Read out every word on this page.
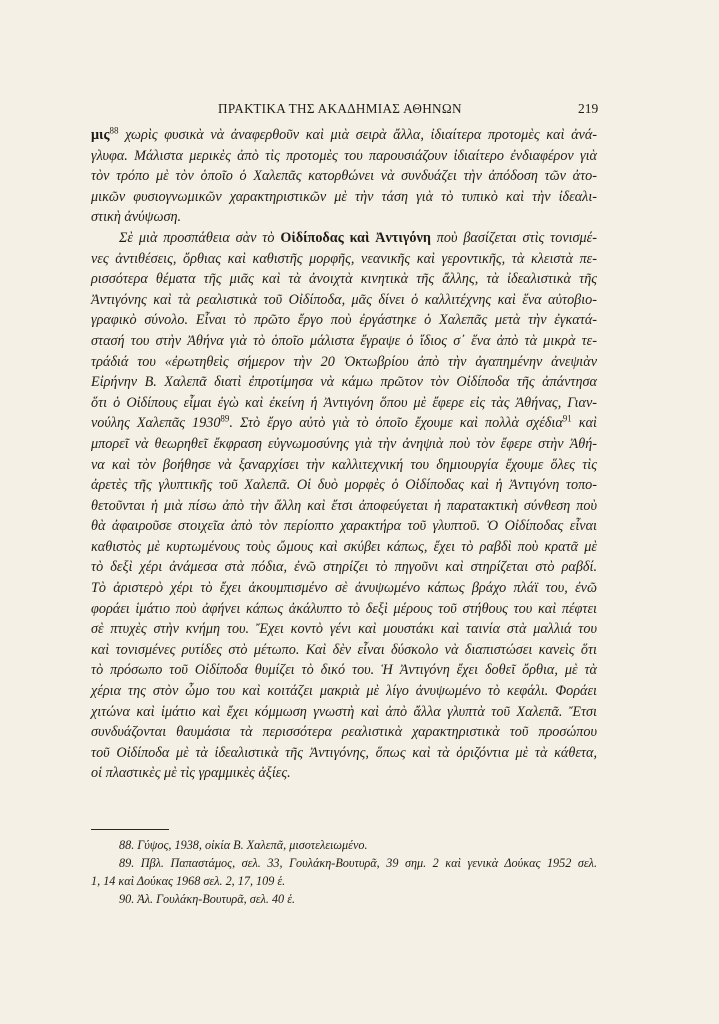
ΠΡΑΚΤΙΚΑ ΤΗΣ ΑΚΑΔΗΜΙΑΣ ΑΘΗΝΩΝ	219
μις$^{88}$ χωρὶς φυσικὰ νὰ ἀναφερθοῦν καὶ μιὰ σειρὰ ἄλλα, ἰδιαίτερα προτομὲς καὶ ἀνά-
γλυφα. Μάλιστα μερικὲς ἀπὸ τὶς προτομὲς του παρουσιάζουν ἰδιαίτερο ἐνδιαφέρον γιὰ
τὸν τρόπο μὲ τὸν ὁποῖο ὁ Χαλεπᾶς κατορθώνει νὰ συνδυάζει τὴν ἀπόδοση τῶν ἀτο-
μικῶν φυσιογνωμικῶν χαρακτηριστικῶν μὲ τὴν τάση γιὰ τὸ τυπικὸ καὶ τὴν ἰδεαλι-
στικὴ ἀνύψωση.
Σὲ μιὰ προσπάθεια σὰν τὸ Οἰδίποδας καὶ Ἀντιγόνη ποὺ βασίζεται στὶς τονισμέ-
νες ἀντιθέσεις, ὄρθιας καὶ καθιστῆς μορφῆς, νεανικῆς καὶ γεροντικῆς, τὰ κλειστὰ πε-
ρισσότερα θέματα τῆς μιᾶς καὶ τὰ ἀνοιχτὰ κινητικὰ τῆς ἄλλης, τὰ ἰδεαλιστικὰ τῆς
Ἀντιγόνης καὶ τὰ ρεαλιστικὰ τοῦ Οἰδίποδα, μᾶς δίνει ὁ καλλιτέχνης καὶ ἕνα αὐτοβιο-
γραφικὸ σύνολο. Εἶναι τὸ πρῶτο ἔργο ποὺ ἐργάστηκε ὁ Χαλεπᾶς μετὰ τὴν ἐγκατά-
στασή του στὴν Ἀθήνα γιὰ τὸ ὁποῖο μάλιστα ἔγραψε ὁ ἴδιος σ᾿ ἕνα ἀπὸ τὰ μικρὰ τε-
τράδιά του «ἐρωτηθεὶς σήμερον τὴν 20 Ὀκτωβρίου ἀπὸ τὴν ἀγαπημένην ἀνεψιὰν
Εἰρήνην Β. Χαλεπᾶ διατὶ ἐπροτίμησα νὰ κάμω πρῶτον τὸν Οἰδίποδα τῆς ἀπάντησα
ὅτι ὁ Οἰδίπους εἶμαι ἐγὼ καὶ ἐκείνη ἡ Ἀντιγόνη ὅπου μὲ ἔφερε εἰς τὰς Ἀθήνας, Γιαν-
νούλης Χαλεπᾶς 1930$^{89}$. Στὸ ἔργο αὐτὸ γιὰ τὸ ὁποῖο ἔχουμε καὶ πολλὰ σχέδια$^{91}$ καὶ
μπορεῖ νὰ θεωρηθεῖ ἔκφραση εὐγνωμοσύνης γιὰ τὴν ἀνηψιὰ ποὺ τὸν ἔφερε στὴν Ἀθή-
να καὶ τὸν βοήθησε νὰ ξαναρχίσει τὴν καλλιτεχνική του δημιουργία ἔχουμε ὅλες τὶς
ἀρετὲς τῆς γλυπτικῆς τοῦ Χαλεπᾶ. Οἱ δυὸ μορφὲς ὁ Οἰδίποδας καὶ ἡ Ἀντιγόνη τοπο-
θετοῦνται ἡ μιὰ πίσω ἀπὸ τὴν ἄλλη καὶ ἔτσι ἀποφεύγεται ἡ παρατακτικὴ σύνθεση ποὺ
θὰ ἀφαιροῦσε στοιχεῖα ἀπὸ τὸν περίοπτο χαρακτήρα τοῦ γλυπτοῦ. Ὁ Οἰδίποδας εἶναι
καθιστὸς μὲ κυρτωμένους τοὺς ὤμους καὶ σκύβει κάπως, ἔχει τὸ ραβδὶ ποὺ κρατᾶ μὲ
τὸ δεξὶ χέρι ἀνάμεσα στὰ πόδια, ἐνῶ στηρίζει τὸ πηγοῦνι καὶ στηρίζεται στὸ ραβδί.
Τὸ ἀριστερὸ χέρι τὸ ἔχει ἀκουμπισμένο σὲ ἀνυψωμένο κάπως βράχο πλάϊ του, ἐνῶ
φοράει ἱμάτιο ποὺ ἀφήνει κάπως ἀκάλυπτο τὸ δεξὶ μέρους τοῦ στήθους του καὶ πέφτει
σὲ πτυχὲς στὴν κνήμη του. Ἔχει κοντὸ γένι καὶ μουστάκι καὶ ταινία στὰ μαλλιά του
καὶ τονισμένες ρυτίδες στὸ μέτωπο. Καὶ δὲν εἶναι δύσκολο νὰ διαπιστώσει κανεὶς ὅτι
τὸ πρόσωπο τοῦ Οἰδίποδα θυμίζει τὸ δικό του. Ἡ Ἀντιγόνη ἔχει δοθεῖ ὄρθια, μὲ τὰ
χέρια της στὸν ὦμο του καὶ κοιτάζει μακριὰ μὲ λίγο ἀνυψωμένο τὸ κεφάλι. Φοράει
χιτώνα καὶ ἱμάτιο καὶ ἔχει κόμμωση γνωστὴ καὶ ἀπὸ ἄλλα γλυπτὰ τοῦ Χαλεπᾶ. Ἔτσι
συνδυάζονται θαυμάσια τὰ περισσότερα ρεαλιστικὰ χαρακτηριστικὰ τοῦ προσώπου
τοῦ Οἰδίποδα μὲ τὰ ἰδεαλιστικὰ τῆς Ἀντιγόνης, ὅπως καὶ τὰ ὁριζόντια μὲ τὰ κάθετα,
οἱ πλαστικὲς μὲ τὶς γραμμικὲς ἀξίες.
88. Γύψος, 1938, οἰκία Β. Χαλεπᾶ, μισοτελειωμένο.
89. Πβλ. Παπαστάμος, σελ. 33, Γουλάκη-Βουτυρᾶ, 39 σημ. 2 καὶ γενικὰ Δούκας 1952 σελ.
1, 14 καὶ Δούκας 1968 σελ. 2, 17, 109 ἑ.
90. Ἀλ. Γουλάκη-Βουτυρᾶ, σελ. 40 ἑ.
